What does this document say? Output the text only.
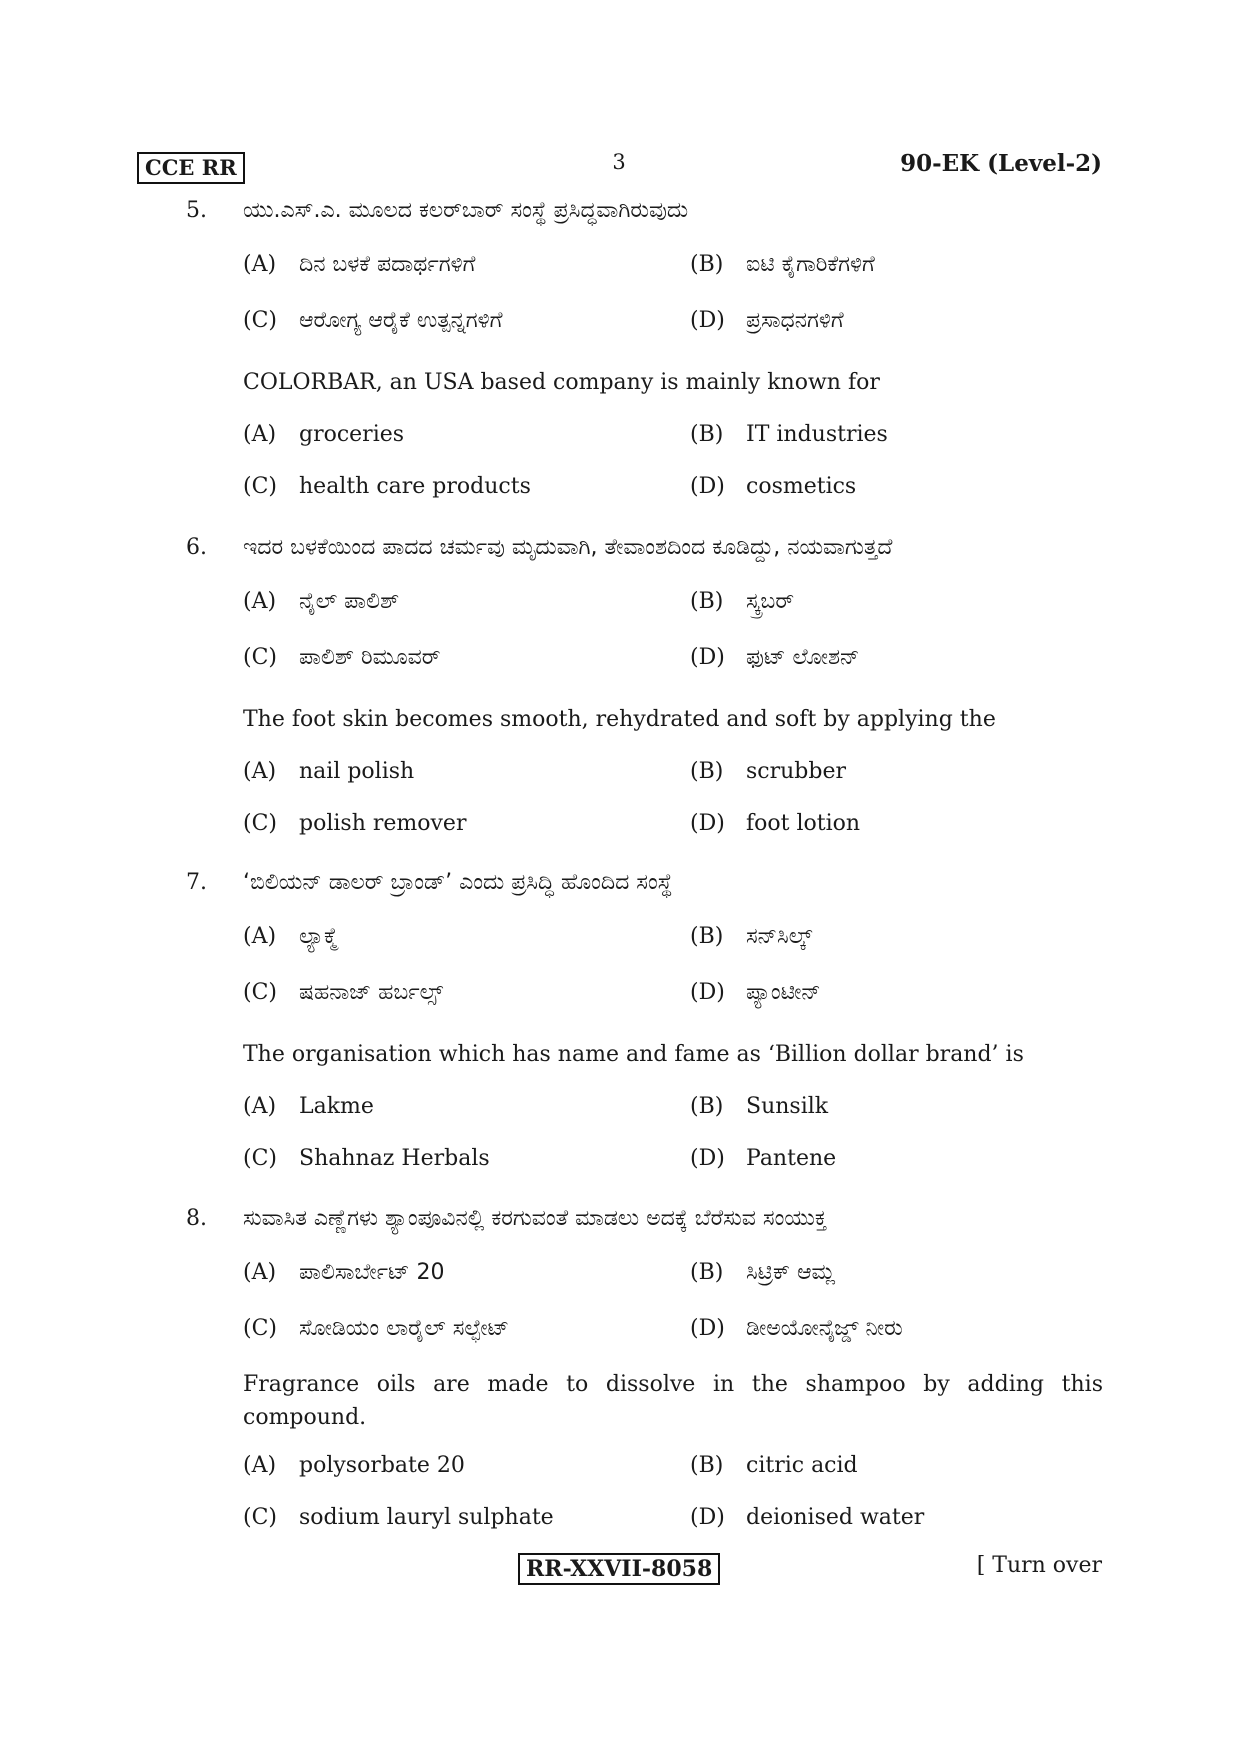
CCE RR	3	90-EK (Level-2)
5. ಯು.ಎಸ್.ಎ. ಮೂಲದ ಕಲರ್‌ಬಾರ್ ಸಂಸ್ಥೆ ಪ್ರಸಿದ್ಧವಾಗಿರುವುದು
(A) ದಿನ ಬಳಕೆ ಪದಾರ್ಥಗಳಿಗೆ	(B) ಐಟಿ ಕೈಗಾರಿಕೆಗಳಿಗೆ
(C) ಆರೋಗ್ಯ ಆರೈಕೆ ಉತ್ಪನ್ನಗಳಿಗೆ	(D) ಪ್ರಸಾಧನಗಳಿಗೆ
COLORBAR, an USA based company is mainly known for
(A) groceries	(B) IT industries
(C) health care products	(D) cosmetics
6. ಇದರ ಬಳಕೆಯಿಂದ ಪಾದದ ಚರ್ಮವು ಮೃದುವಾಗಿ, ತೇವಾಂಶದಿಂದ ಕೂಡಿದ್ದು, ನಯವಾಗುತ್ತದೆ
(A) ನೈಲ್ ಪಾಲಿಶ್	(B) ಸ್ಕ್ರಬರ್
(C) ಪಾಲಿಶ್ ರಿಮೂವರ್	(D) ಫುಟ್ ಲೋಶನ್
The foot skin becomes smooth, rehydrated and soft by applying the
(A) nail polish	(B) scrubber
(C) polish remover	(D) foot lotion
7. ‘ಬಿಲಿಯನ್ ಡಾಲರ್ ಬ್ರಾಂಡ್’ ಎಂದು ಪ್ರಸಿದ್ಧಿ ಹೊಂದಿದ ಸಂಸ್ಥೆ
(A) ಲ್ಯಾಕ್ಮೆ	(B) ಸನ್‌ಸಿಲ್ಕ್
(C) ಷಹನಾಜ್ ಹರ್ಬಲ್ಸ್	(D) ಪ್ಯಾಂಟೀನ್
The organisation which has name and fame as ‘Billion dollar brand’ is
(A) Lakme	(B) Sunsilk
(C) Shahnaz Herbals	(D) Pantene
8. ಸುವಾಸಿತ ಎಣ್ಣೆಗಳು ಶ್ಯಾಂಪೂವಿನಲ್ಲಿ ಕರಗುವಂತೆ ಮಾಡಲು ಅದಕ್ಕೆ ಬೆರೆಸುವ ಸಂಯುಕ್ತ
(A) ಪಾಲಿಸಾರ್ಬೇಟ್ 20	(B) ಸಿಟ್ರಿಕ್ ಆಮ್ಲ
(C) ಸೋಡಿಯಂ ಲಾರೈಲ್ ಸಲ್ಫೇಟ್	(D) ಡೀಅಯೋನೈಜ್ಡ್ ನೀರು
Fragrance oils are made to dissolve in the shampoo by adding this compound.
(A) polysorbate 20	(B) citric acid
(C) sodium lauryl sulphate	(D) deionised water
RR-XXVII-8058	[ Turn over
